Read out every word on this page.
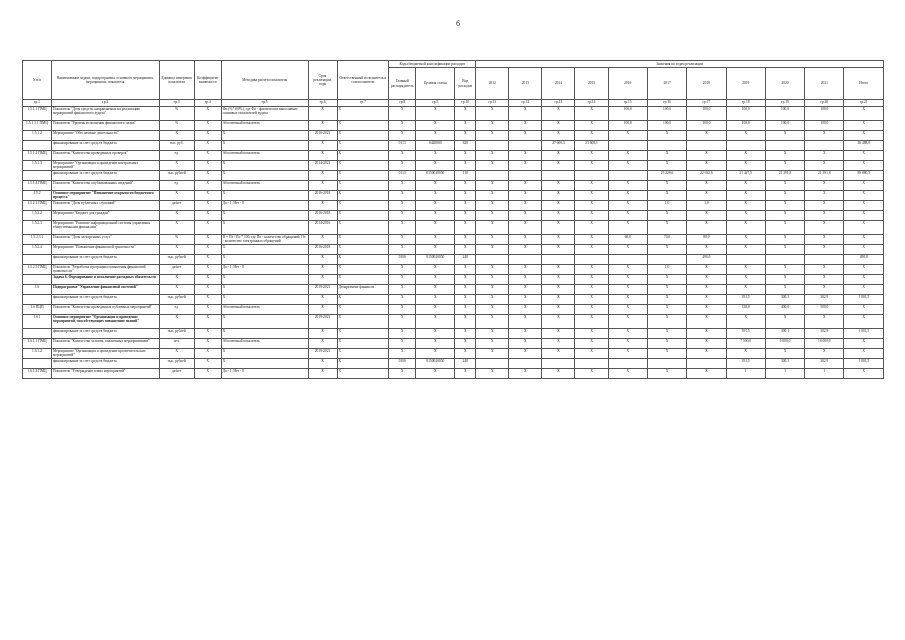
6
N п/п	Наименование задачи, подпрограммы, основного мероприятия, мероприятия, показателя	Единица измерения показателя	Коэффициент значимости	Методика расчета показателя	Срок реализации, годы	Ответственный исполнитель и соисполнители	Коды бюджетной классификации расходов			Значения по годам реализации										
							Главный распорядитель	Целевая статья	Вид расходов	2012	2013	2014	2015	2016	2017	2018	2019	2020	2021	Итого
гр.1	гр.2	гр.3	гр.4	гр.5	гр.6	гр.7	гр.8	гр.9	гр.10	гр.11	гр.12	гр.13	гр.14	гр.15	гр.16	гр.17	гр.18	гр.19	гр.20	гр.21
1.5.1.1 ПМЦ	Показатель "Доля средств, направляемых на реализацию мероприятий финансового аудита"	%	X	Фи (%*100%), где Фи - фактическое выполнение плановых показателей аудита	X	X	X	X	X	X	X	X	X	100,0	100,0	100,0	100,0	100,0	100,0	X
1.5.1.1.1 ПМЦ	Показатель "Уровень исполнения финансового плана"	%	X	Абсолютный показатель	X	X	X	X	X	X	X	X	X	100,0	100,0	100,0	100,0	100,0	100,0	X
1.5.1.2	Мероприятие "Обеспечение деятельности"	X	X	X	2016-2021	X	X	X	X	X	X	X	X	X	X	X	X	X	X	X
	финансирование за счет средств бюджета	тыс. руб.	X	X	X	X	0113	0420000	620			27 600,3	23 600,1							46 488,0
1.5.1.2 ПМЦ	Показатель "Количество проведенных проверок"	ед.	X	Абсолютный показатель	X	X	X	X	X	X	X	X	X	X	X	X	X	X	X	X
1.5.1.3	Мероприятие "Организация и проведение контрольных мероприятий"	X	X	X	2014-2021	X	X	X	X	X	X	X	X	X	X	X	X	X	X	X
	финансирование за счет средств бюджета	тыс. рублей	X	X	X	X	0113	0150020050	110						25 228,6	22 632,6	21 427,5	21 391,8	21 391,8	89 880,5
1.5.1.4 ПМЦ	Показатель "Количество опубликованных сведений"	ед.	X	Абсолютный показатель	X	X	X	X	X	X	X	X	X	X	X	X	X	X	X	X
1.5.2	Основное мероприятие "Повышение открытости бюджетного процесса"	X	X	X	2016-2018	X	X	X	X	X	X	X	X	X	X	X	X	X	X	X
1.5.2.1 ПМЦ	Показатель "Доля публичных слушаний"	да/нет	X	Да - 1; Нет - 0	X	X	X	X	X	X	X	X	X	X	1,0	1,0	X	X	X	X
1.5.2.2	Мероприятие "Бюджет для граждан"	X	X	X	2016-2018	X	X	X	X	X	X	X	X	X	X	X	X	X	X	X
1.5.2.3	Мероприятие "Развитие информационной системы управления общественными финансами"	X	X	X	2014-2016	X	X	X	X	X	X	X	X	X	X	X	X	X	X	X
1.5.2.3.1	Показатель "Доля электронных услуг"	%	X	П = Пэ / По * 100, где По - количество обращений, Пэ - количество электронных обращений	X	X	X	X	X	X	X	X	X	60,0	70,0	80,0	X	X	X	X
1.5.2.4	Мероприятие "Повышение финансовой грамотности"	X	X	X	2016-2018	X	X	X	X	X	X	X	X	X	X	X	X	X	X	X
	финансирование за счет средств бюджета	тыс. рублей	X	X	X	X	0106	0150020050	240							490,0				490,0
1.5.2.5 ПМЦ	Показатель "Разработка программы повышения финансовой грамотности"	да/нет	X	Да - 1; Нет - 0	X	X	X	X	X	X	X	X	X	X	1,0	X	X	X	X	X
	Задача 6. Формирование и исполнение расходных обязательств	X	X	X	X	X	X	X	X	X	X	X	X	X	X	X	X	X	X	X
1.6	Подпрограмма "Управление финансовой системой"	X	X	X	2019-2021	Департамент финансов	X	X	X	X	X	X	X	X	X	X	X	X	X	X
	финансирование за счет средств бюджета	тыс. рублей	X	X	X	X	X	X	X	X	X	X	X	X	X	X	391,5	300,1	302,9	1 001,5
1.6 ПЦП	Показатель "Количество проведенных публичных мероприятий"	ед.	X	Абсолютный показатель	X	X	X	X	X	X	X	X	X	X	X	X	330,0	400,0	500,0	X
1.6.1	Основное мероприятие "Организация и проведение мероприятий, способствующих повышению знаний"	X	X	X	2019-2021	X	X	X	X	X	X	X	X	X	X	X	X	X	X	X
	финансирование за счет средств бюджета	тыс. рублей	X	X	X	X	X	X	X	X	X	X	X	X	X	X	391,5	300,1	302,9	1 001,5
1.6.1.1 ПМЦ	Показатель "Количество человек, охваченных мероприятиями"	чел.	X	Абсолютный показатель	X	X	X	X	X	X	X	X	X	X	X	X	7 500,0	9 000,0	10 000,0	X
1.6.1.2	Мероприятие "Организация и проведение просветительских мероприятий"	X	X	X	2019-2021	X	X	X	X	X	X	X	X	X	X	X	X	X	X	X
	финансирование за счет средств бюджета	тыс. рублей	X	X	X	X	0106	0150020050	240								391,5	300,1	302,9	1 001,5
1.6.1.3 ПМЦ	Показатель "Утверждение плана мероприятий"	да/нет	X	Да - 1; Нет - 0	X	X	X	X	X	X	X	X	X	X	X	X	1	1	1	X
